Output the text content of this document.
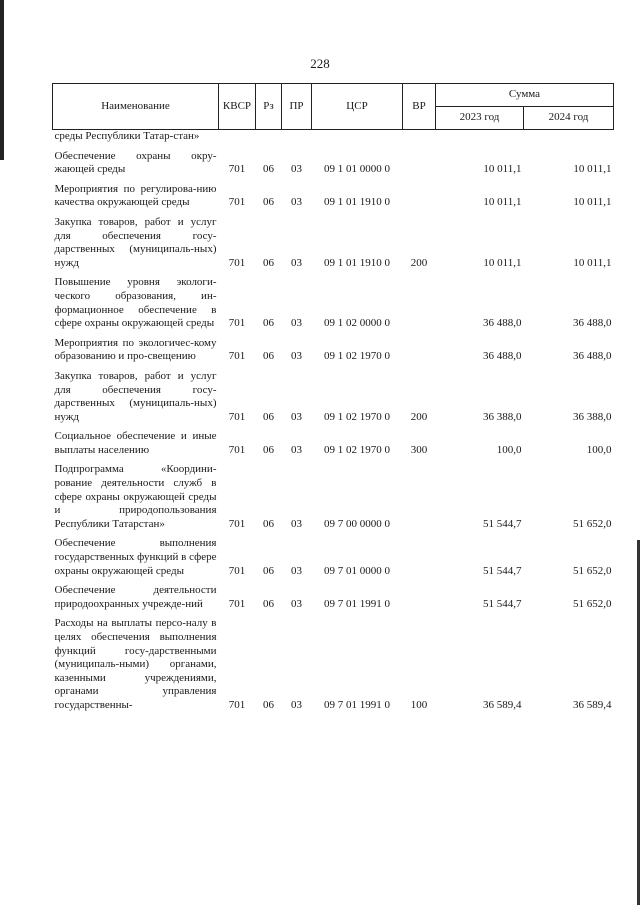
228
Наименование	КВСР	Рз	ПР	ЦСР	ВР	Сумма	
						2023 год	2024 год
среды Республики Татар-стан»							
Обеспечение охраны окру-жающей среды	701	06	03	09 1 01 0000 0		10 011,1	10 011,1
Мероприятия по регулирова-нию качества окружающей среды	701	06	03	09 1 01 1910 0		10 011,1	10 011,1
Закупка товаров, работ и услуг для обеспечения госу-дарственных (муниципаль-ных) нужд	701	06	03	09 1 01 1910 0	200	10 011,1	10 011,1
Повышение уровня экологи-ческого образования, ин-формационное обеспечение в сфере охраны окружающей среды	701	06	03	09 1 02 0000 0		36 488,0	36 488,0
Мероприятия по экологичес-кому образованию и про-свещению	701	06	03	09 1 02 1970 0		36 488,0	36 488,0
Закупка товаров, работ и услуг для обеспечения госу-дарственных (муниципаль-ных) нужд	701	06	03	09 1 02 1970 0	200	36 388,0	36 388,0
Социальное обеспечение и иные выплаты населению	701	06	03	09 1 02 1970 0	300	100,0	100,0
Подпрограмма «Координи-рование деятельности служб в сфере охраны окружающей среды и природопользования Республики Татарстан»	701	06	03	09 7 00 0000 0		51 544,7	51 652,0
Обеспечение выполнения государственных функций в сфере охраны окружающей среды	701	06	03	09 7 01 0000 0		51 544,7	51 652,0
Обеспечение деятельности природоохранных учрежде-ний	701	06	03	09 7 01 1991 0		51 544,7	51 652,0
Расходы на выплаты персо-налу в целях обеспечения выполнения функций госу-дарственными (муниципаль-ными) органами, казенными учреждениями, органами управления государственны-	701	06	03	09 7 01 1991 0	100	36 589,4	36 589,4
